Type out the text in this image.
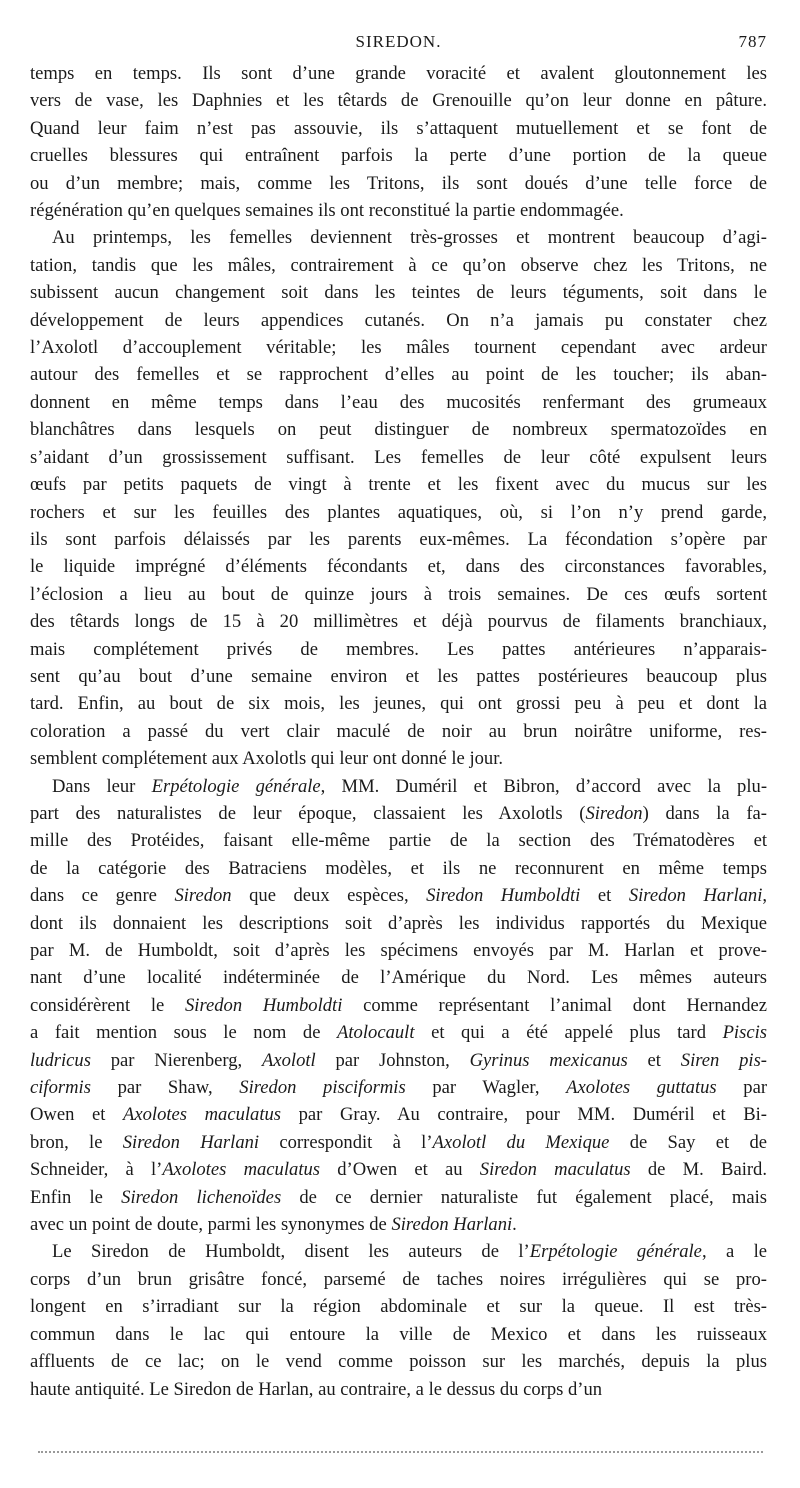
SIREDON.	787

temps en temps. Ils sont d’une grande voracité et avalent gloutonnement les

vers de vase, les Daphnies et les têtards de Grenouille qu’on leur donne en pâture.

Quand leur faim n’est pas assouvie, ils s’attaquent mutuellement et se font de

cruelles blessures qui entraînent parfois la perte d’une portion de la queue

ou d’un membre; mais, comme les Tritons, ils sont doués d’une telle force de

régénération qu’en quelques semaines ils ont reconstitué la partie endommagée.

Au printemps, les femelles deviennent très-grosses et montrent beaucoup d’agi-

tation, tandis que les mâles, contrairement à ce qu’on observe chez les Tritons, ne

subissent aucun changement soit dans les teintes de leurs téguments, soit dans le

développement de leurs appendices cutanés. On n’a jamais pu constater chez

l’Axolotl d’accouplement véritable; les mâles tournent cependant avec ardeur

autour des femelles et se rapprochent d’elles au point de les toucher; ils aban-

donnent en même temps dans l’eau des mucosités renfermant des grumeaux

blanchâtres dans lesquels on peut distinguer de nombreux spermatozoïdes en

s’aidant d’un grossissement suffisant. Les femelles de leur côté expulsent leurs

œufs par petits paquets de vingt à trente et les fixent avec du mucus sur les

rochers et sur les feuilles des plantes aquatiques, où, si l’on n’y prend garde,

ils sont parfois délaissés par les parents eux-mêmes. La fécondation s’opère par

le liquide imprégné d’éléments fécondants et, dans des circonstances favorables,

l’éclosion a lieu au bout de quinze jours à trois semaines. De ces œufs sortent

des têtards longs de 15 à 20 millimètres et déjà pourvus de filaments branchiaux,

mais complétement privés de membres. Les pattes antérieures n’apparais-

sent qu’au bout d’une semaine environ et les pattes postérieures beaucoup plus

tard. Enfin, au bout de six mois, les jeunes, qui ont grossi peu à peu et dont la

coloration a passé du vert clair maculé de noir au brun noirâtre uniforme, res-

semblent complétement aux Axolotls qui leur ont donné le jour.

Dans leur Erpétologie générale, MM. Duméril et Bibron, d’accord avec la plu-

part des naturalistes de leur époque, classaient les Axolotls (Siredon) dans la fa-

mille des Protéides, faisant elle-même partie de la section des Trématodères et

de la catégorie des Batraciens modèles, et ils ne reconnurent en même temps

dans ce genre Siredon que deux espèces, Siredon Humboldti et Siredon Harlani,

dont ils donnaient les descriptions soit d’après les individus rapportés du Mexique

par M. de Humboldt, soit d’après les spécimens envoyés par M. Harlan et prove-

nant d’une localité indéterminée de l’Amérique du Nord. Les mêmes auteurs

considérèrent le Siredon Humboldti comme représentant l’animal dont Hernandez

a fait mention sous le nom de Atolocault et qui a été appelé plus tard Piscis

ludricus par Nierenberg, Axolotl par Johnston, Gyrinus mexicanus et Siren pis-

ciformis par Shaw, Siredon pisciformis par Wagler, Axolotes guttatus par

Owen et Axolotes maculatus par Gray. Au contraire, pour MM. Duméril et Bi-

bron, le Siredon Harlani correspondit à l’Axolotl du Mexique de Say et de

Schneider, à l’Axolotes maculatus d’Owen et au Siredon maculatus de M. Baird.

Enfin le Siredon lichenoïdes de ce dernier naturaliste fut également placé, mais

avec un point de doute, parmi les synonymes de Siredon Harlani.

Le Siredon de Humboldt, disent les auteurs de l’Erpétologie générale, a le

corps d’un brun grisâtre foncé, parsemé de taches noires irrégulières qui se pro-

longent en s’irradiant sur la région abdominale et sur la queue. Il est très-

commun dans le lac qui entoure la ville de Mexico et dans les ruisseaux

affluents de ce lac; on le vend comme poisson sur les marchés, depuis la plus

haute antiquité. Le Siredon de Harlan, au contraire, a le dessus du corps d’un
